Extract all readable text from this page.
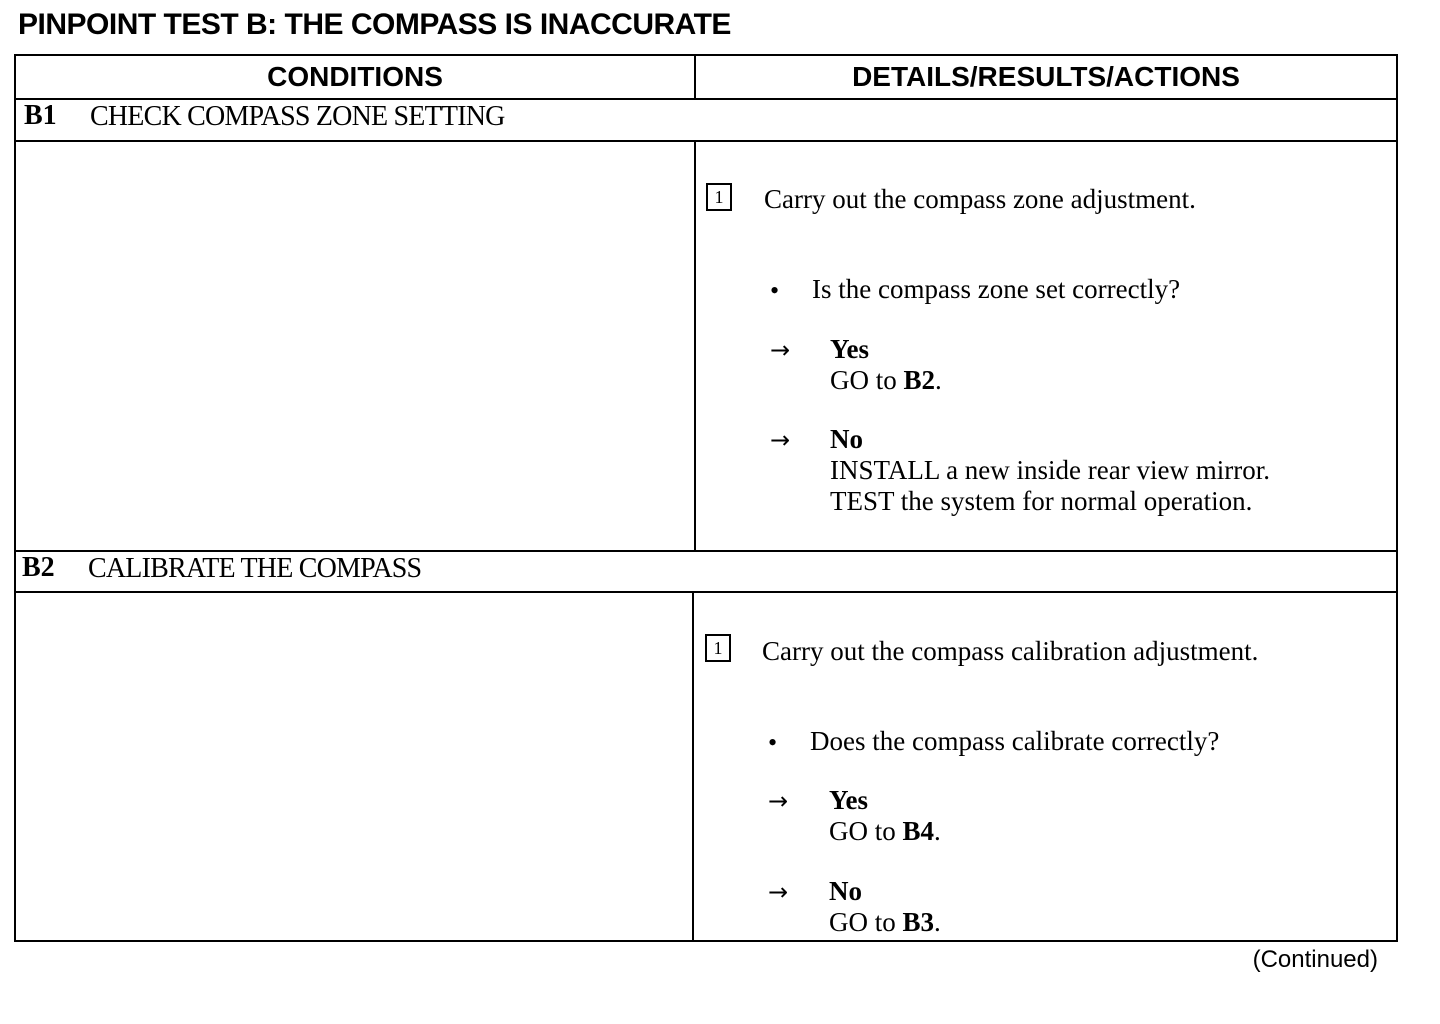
PINPOINT TEST B: THE COMPASS IS INACCURATE
CONDITIONS	DETAILS/RESULTS/ACTIONS
B1 CHECK COMPASS ZONE SETTING
1	Carry out the compass zone adjustment.
• Is the compass zone set correctly?
→ Yes
GO to B2.
→ No
INSTALL a new inside rear view mirror.
TEST the system for normal operation.
B2 CALIBRATE THE COMPASS
1	Carry out the compass calibration adjustment.
• Does the compass calibrate correctly?
→ Yes
GO to B4.
→ No
GO to B3.
(Continued)
